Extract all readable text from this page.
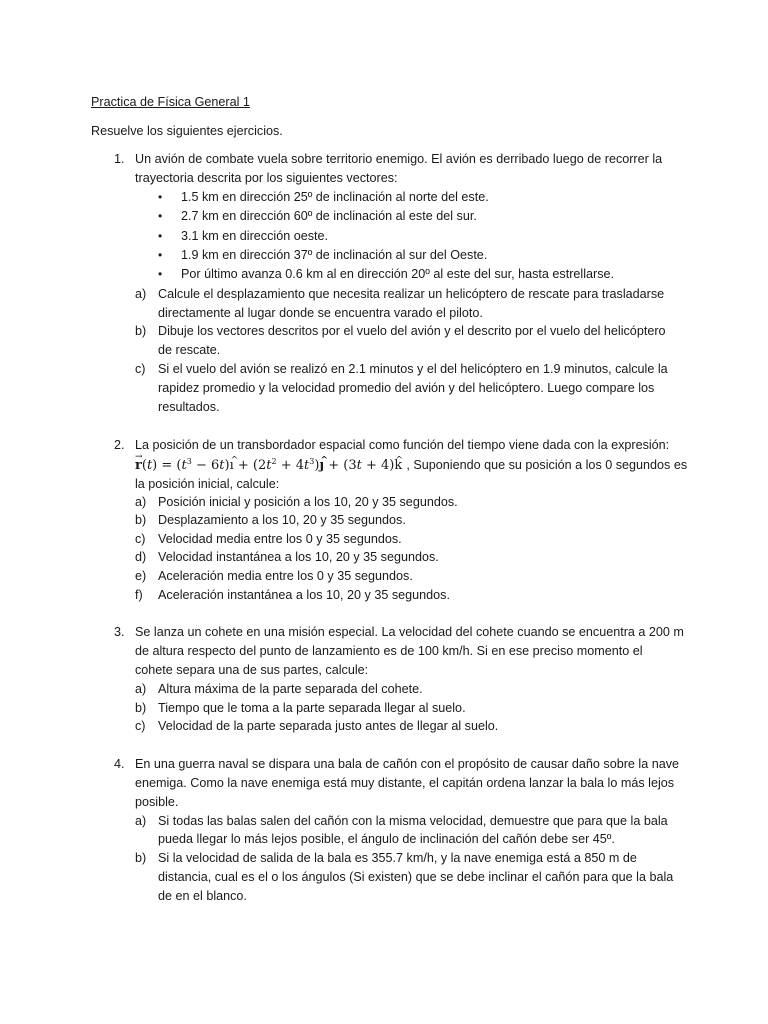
Practica de Física General 1
Resuelve los siguientes ejercicios.
1. Un avión de combate vuela sobre territorio enemigo. El avión es derribado luego de recorrer la
trayectoria descrita por los siguientes vectores:
• 1.5 km en dirección 25º de inclinación al norte del este.
• 2.7 km en dirección 60º de inclinación al este del sur.
• 3.1 km en dirección oeste.
• 1.9 km en dirección 37º de inclinación al sur del Oeste.
• Por último avanza 0.6 km al en dirección 20º al este del sur, hasta estrellarse.
a) Calcule el desplazamiento que necesita realizar un helicóptero de rescate para trasladarse
directamente al lugar donde se encuentra varado el piloto.
b) Dibuje los vectores descritos por el vuelo del avión y el descrito por el vuelo del helicóptero
de rescate.
c) Si el vuelo del avión se realizó en 2.1 minutos y el del helicóptero en 1.9 minutos, calcule la
rapidez promedio y la velocidad promedio del avión y del helicóptero. Luego compare los
resultados.
2. La posición de un transbordador espacial como función del tiempo viene dada con la expresión:
→ $r(t) = (t^3$ − 6t)^ ı + ($2t^2$ + $4t^3)\^{}$ ȷ + (3t + 4)^ k , Suponiendo que su posición a los 0 segundos es
la posición inicial, calcule:
a) Posición inicial y posición a los 10, 20 y 35 segundos.
b) Desplazamiento a los 10, 20 y 35 segundos.
c) Velocidad media entre los 0 y 35 segundos.
d) Velocidad instantánea a los 10, 20 y 35 segundos.
e) Aceleración media entre los 0 y 35 segundos.
f) Aceleración instantánea a los 10, 20 y 35 segundos.
3. Se lanza un cohete en una misión especial. La velocidad del cohete cuando se encuentra a 200 m
de altura respecto del punto de lanzamiento es de 100 km/h. Si en ese preciso momento el
cohete separa una de sus partes, calcule:
a) Altura máxima de la parte separada del cohete.
b) Tiempo que le toma a la parte separada llegar al suelo.
c) Velocidad de la parte separada justo antes de llegar al suelo.
4. En una guerra naval se dispara una bala de cañón con el propósito de causar daño sobre la nave
enemiga. Como la nave enemiga está muy distante, el capitán ordena lanzar la bala lo más lejos
posible.
a) Si todas las balas salen del cañón con la misma velocidad, demuestre que para que la bala
pueda llegar lo más lejos posible, el ángulo de inclinación del cañón debe ser 45º.
b) Si la velocidad de salida de la bala es 355.7 km/h, y la nave enemiga está a 850 m de
distancia, cual es el o los ángulos (Si existen) que se debe inclinar el cañón para que la bala
de en el blanco.
